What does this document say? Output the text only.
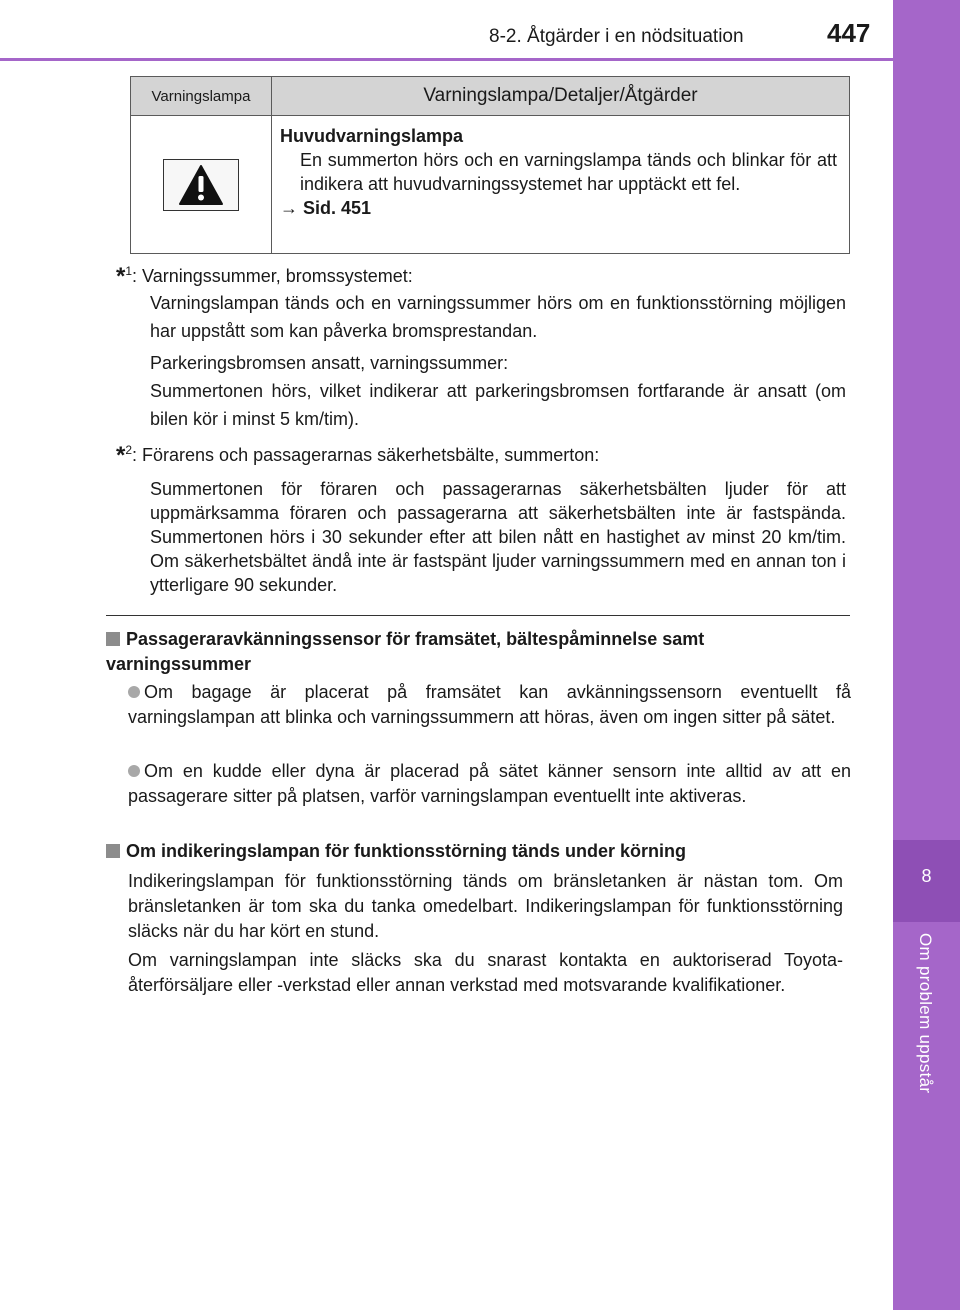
8-2. Åtgärder i en nödsituation	447
8
Om problem uppstår
Varningslampa	Varningslampa/Detaljer/Åtgärder

Huvudvarningslampa
En summerton hörs och en varningslampa tänds och blinkar för att indikera att huvudvarningssystemet har upptäckt ett fel.
→ Sid. 451
*$^1$: Varningssummer, bromssystemet:
Varningslampan tänds och en varningssummer hörs om en funktionsstörning möjligen har uppstått som kan påverka bromsprestandan.
Parkeringsbromsen ansatt, varningssummer:
Summertonen hörs, vilket indikerar att parkeringsbromsen fortfarande är ansatt (om bilen kör i minst 5 km/tim).
*$^2$: Förarens och passagerarnas säkerhetsbälte, summerton:
Summertonen för föraren och passagerarnas säkerhetsbälten ljuder för att uppmärksamma föraren och passagerarna att säkerhetsbälten inte är fastspända. Summertonen hörs i 30 sekunder efter att bilen nått en hastighet av minst 20 km/tim. Om säkerhetsbältet ändå inte är fastspänt ljuder varningssummern med en annan ton i ytterligare 90 sekunder.
Passageraravkänningssensor för framsätet, bältespåminnelse samt varningssummer
Om bagage är placerat på framsätet kan avkänningssensorn eventuellt få varningslampan att blinka och varningssummern att höras, även om ingen sitter på sätet.
Om en kudde eller dyna är placerad på sätet känner sensorn inte alltid av att en passagerare sitter på platsen, varför varningslampan eventuellt inte aktiveras.
Om indikeringslampan för funktionsstörning tänds under körning
Indikeringslampan för funktionsstörning tänds om bränsletanken är nästan tom. Om bränsletanken är tom ska du tanka omedelbart. Indikeringslampan för funktionsstörning släcks när du har kört en stund.
Om varningslampan inte släcks ska du snarast kontakta en auktoriserad Toyota-återförsäljare eller -verkstad eller annan verkstad med motsvarande kvalifikationer.
